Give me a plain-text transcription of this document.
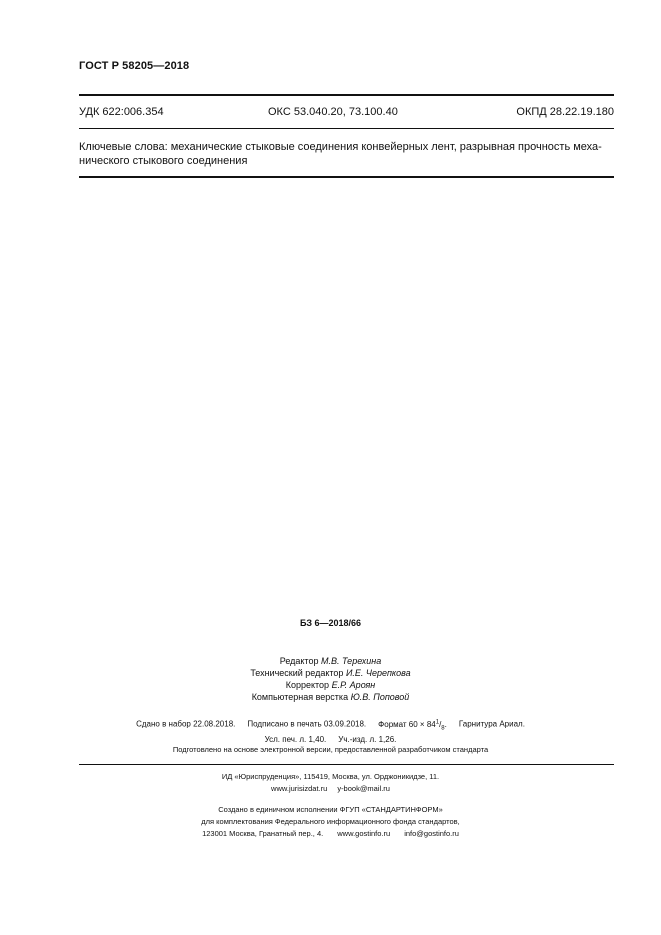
ГОСТ Р 58205—2018
УДК 622:006.354	ОКС 53.040.20, 73.100.40	ОКПД 28.22.19.180
Ключевые слова: механические стыковые соединения конвейерных лент, разрывная прочность меха-
нического стыкового соединения
БЗ 6—2018/66
Редактор М.В. Терехина
Технический редактор И.Е. Черепкова
Корректор Е.Р. Ароян
Компьютерная верстка Ю.В. Поповой
Сдано в набор 22.08.2018. Подписано в печать 03.09.2018. Формат $60 \times 84^1/_8$. Гарнитура Ариал.
Усл. печ. л. 1,40. Уч.-изд. л. 1,26.
Подготовлено на основе электронной версии, предоставленной разработчиком стандарта
ИД «Юриспруденция», 115419, Москва, ул. Орджоникидзе, 11.
www.jurisizdat.ru y-book@mail.ru
Создано в единичном исполнении ФГУП «СТАНДАРТИНФОРМ»
для комплектования Федерального информационного фонда стандартов,
123001 Москва, Гранатный пер., 4. www.gostinfo.ru info@gostinfo.ru
